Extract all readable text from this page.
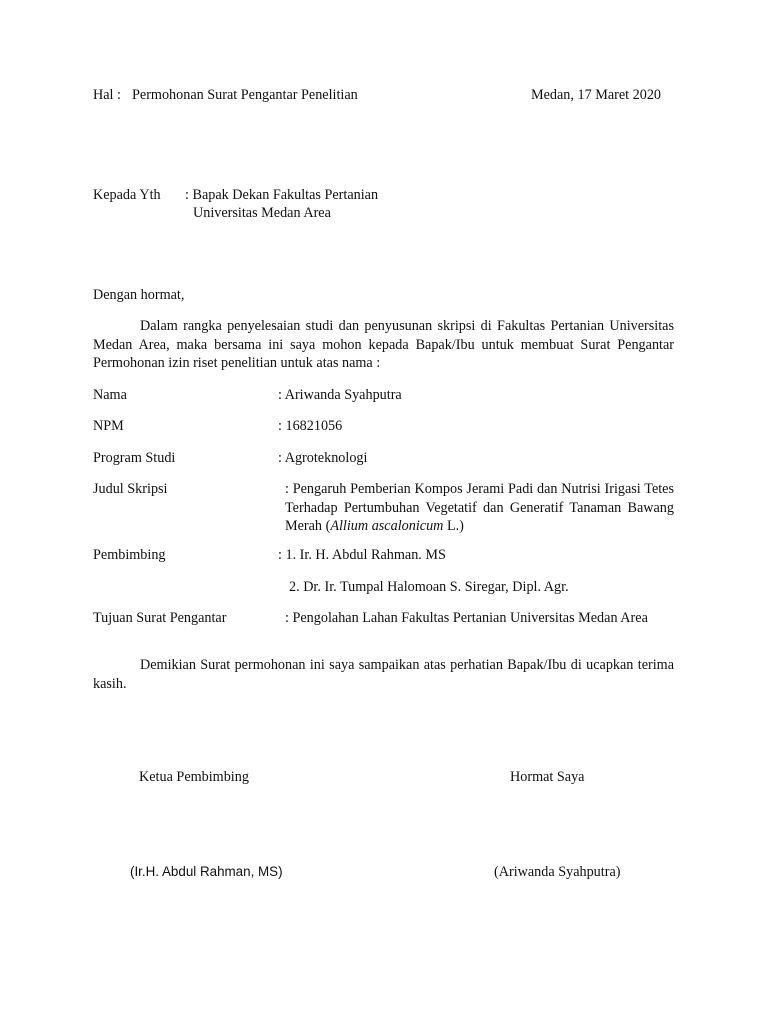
Hal : Permohonan Surat Pengantar Penelitian	Medan, 17 Maret 2020
Kepada Yth : Bapak Dekan Fakultas Pertanian
Universitas Medan Area
Dengan hormat,
Dalam rangka penyelesaian studi dan penyusunan skripsi di Fakultas Pertanian Universitas Medan Area, maka bersama ini saya mohon kepada Bapak/Ibu untuk membuat Surat Pengantar Permohonan izin riset penelitian untuk atas nama :
Nama	: Ariwanda Syahputra
NPM	: 16821056
Program Studi	: Agroteknologi
Judul Skripsi	: Pengaruh Pemberian Kompos Jerami Padi dan Nutrisi Irigasi Tetes Terhadap Pertumbuhan Vegetatif dan Generatif Tanaman Bawang Merah (Allium ascalonicum L.)
Pembimbing	: 1. Ir. H. Abdul Rahman. MS
2. Dr. Ir. Tumpal Halomoan S. Siregar, Dipl. Agr.
Tujuan Surat Pengantar	: Pengolahan Lahan Fakultas Pertanian Universitas Medan Area
Demikian Surat permohonan ini saya sampaikan atas perhatian Bapak/Ibu di ucapkan terima kasih.
Ketua Pembimbing	Hormat Saya
(Ir.H. Abdul Rahman, MS)	(Ariwanda Syahputra)
